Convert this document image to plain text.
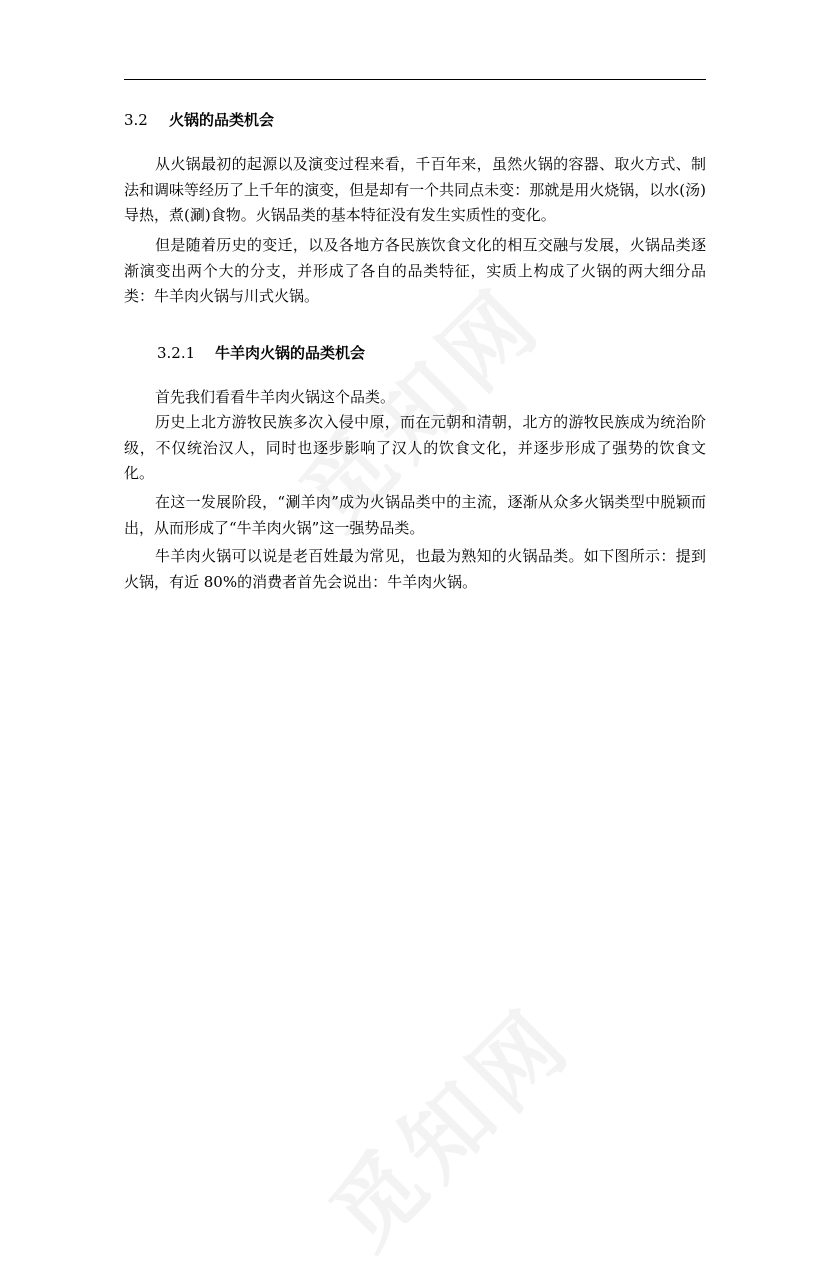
3.2 火锅的品类机会

从火锅最初的起源以及演变过程来看，千百年来，虽然火锅的容器、取火方式、制法和调味等经历了上千年的演变，但是却有一个共同点未变：那就是用火烧锅，以水(汤)导热，煮(涮)食物。火锅品类的基本特征没有发生实质性的变化。

但是随着历史的变迁，以及各地方各民族饮食文化的相互交融与发展，火锅品类逐渐演变出两个大的分支，并形成了各自的品类特征，实质上构成了火锅的两大细分品类：牛羊肉火锅与川式火锅。

3.2.1 牛羊肉火锅的品类机会

首先我们看看牛羊肉火锅这个品类。

历史上北方游牧民族多次入侵中原，而在元朝和清朝，北方的游牧民族成为统治阶级，不仅统治汉人，同时也逐步影响了汉人的饮食文化，并逐步形成了强势的饮食文化。

在这一发展阶段，“涮羊肉”成为火锅品类中的主流，逐渐从众多火锅类型中脱颖而出，从而形成了“牛羊肉火锅”这一强势品类。

牛羊肉火锅可以说是老百姓最为常见，也最为熟知的火锅品类。如下图所示：提到火锅，有近 80%的消费者首先会说出：牛羊肉火锅。
